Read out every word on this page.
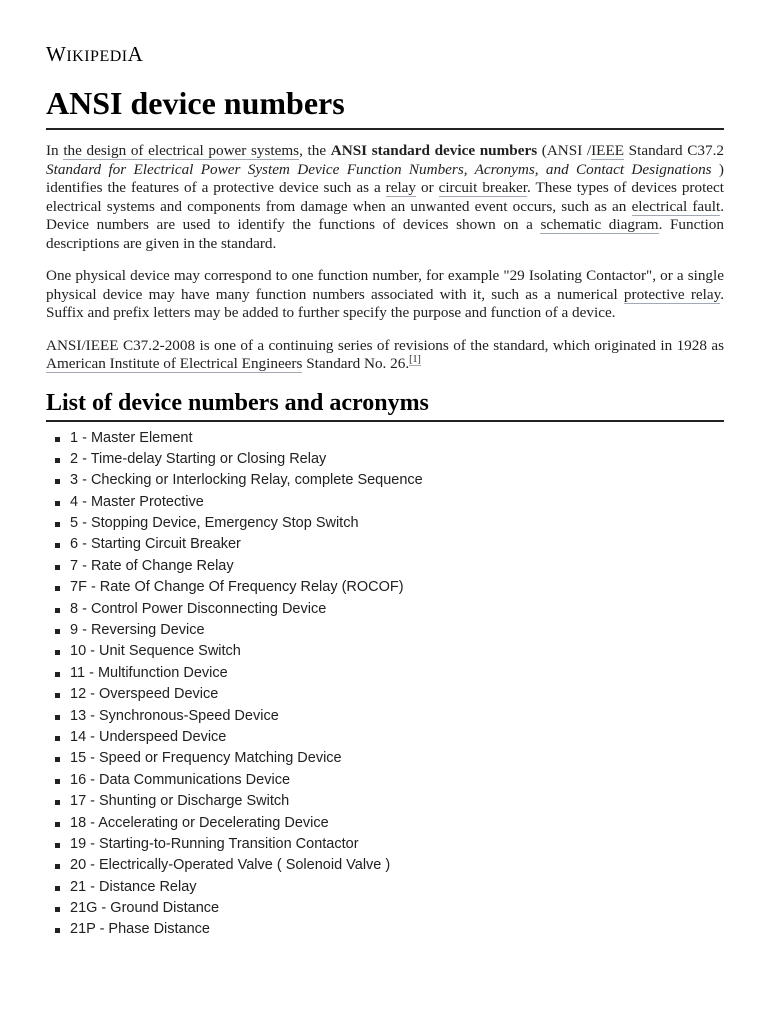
WIKIPEDIA
ANSI device numbers

In the design of electrical power systems, the ANSI standard device numbers (ANSI /IEEE Standard C37.2 Standard for Electrical Power System Device Function Numbers, Acronyms, and Contact Designations ) identifies the features of a protective device such as a relay or circuit breaker. These types of devices protect electrical systems and components from damage when an unwanted event occurs, such as an electrical fault. Device numbers are used to identify the functions of devices shown on a schematic diagram. Function descriptions are given in the standard.

One physical device may correspond to one function number, for example "29 Isolating Contactor", or a single physical device may have many function numbers associated with it, such as a numerical protective relay. Suffix and prefix letters may be added to further specify the purpose and function of a device.

ANSI/IEEE C37.2-2008 is one of a continuing series of revisions of the standard, which originated in 1928 as American Institute of Electrical Engineers Standard No. 26.[1]

List of device numbers and acronyms
1 - Master Element
2 - Time-delay Starting or Closing Relay
3 - Checking or Interlocking Relay, complete Sequence
4 - Master Protective
5 - Stopping Device, Emergency Stop Switch
6 - Starting Circuit Breaker
7 - Rate of Change Relay
7F - Rate Of Change Of Frequency Relay (ROCOF)
8 - Control Power Disconnecting Device
9 - Reversing Device
10 - Unit Sequence Switch
11 - Multifunction Device
12 - Overspeed Device
13 - Synchronous-Speed Device
14 - Underspeed Device
15 - Speed or Frequency Matching Device
16 - Data Communications Device
17 - Shunting or Discharge Switch
18 - Accelerating or Decelerating Device
19 - Starting-to-Running Transition Contactor
20 - Electrically-Operated Valve ( Solenoid Valve )
21 - Distance Relay
21G - Ground Distance
21P - Phase Distance
